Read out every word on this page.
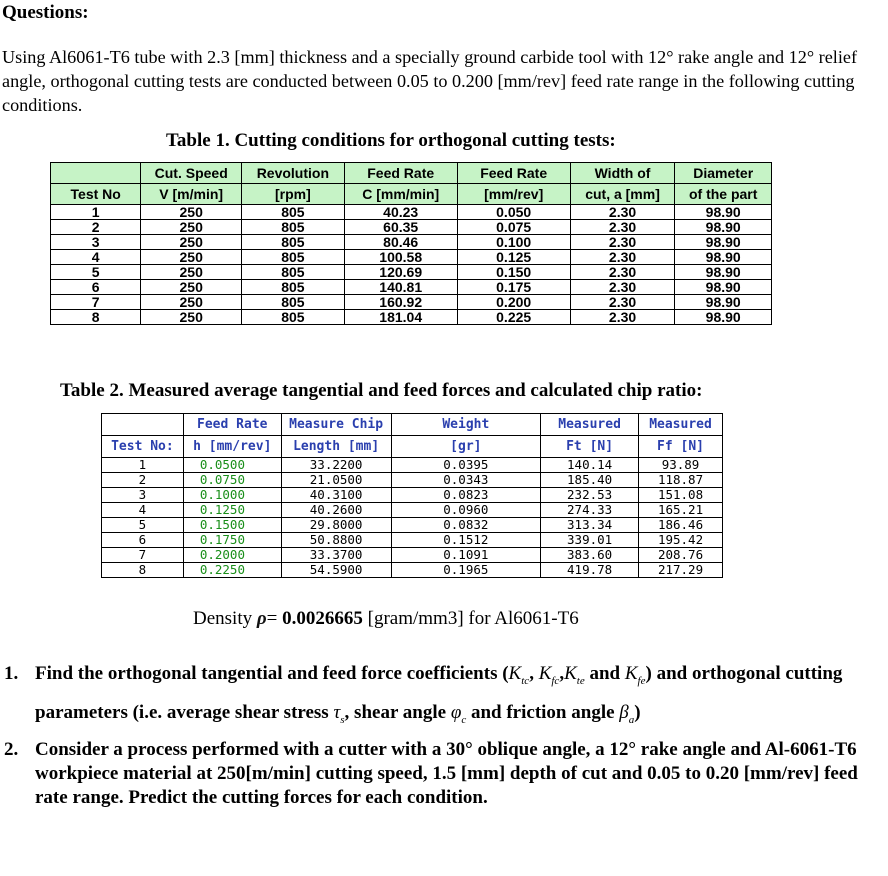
Questions:
Using Al6061-T6 tube with 2.3 [mm] thickness and a specially ground carbide tool with 12° rake angle and 12° relief angle, orthogonal cutting tests are conducted between 0.05 to 0.200 [mm/rev] feed rate range in the following cutting conditions.
Table 1. Cutting conditions for orthogonal cutting tests:
	Cut. Speed	Revolution	Feed Rate	Feed Rate	Width of	Diameter
Test No	V [m/min]	[rpm]	C [mm/min]	[mm/rev]	cut, a [mm]	of the part
1	250	805	40.23	0.050	2.30	98.90
2	250	805	60.35	0.075	2.30	98.90
3	250	805	80.46	0.100	2.30	98.90
4	250	805	100.58	0.125	2.30	98.90
5	250	805	120.69	0.150	2.30	98.90
6	250	805	140.81	0.175	2.30	98.90
7	250	805	160.92	0.200	2.30	98.90
8	250	805	181.04	0.225	2.30	98.90
Table 2. Measured average tangential and feed forces and calculated chip ratio:
	Feed Rate	Measure Chip	Weight	Measured	Measured
Test No:	h [mm/rev]	Length [mm]	[gr]	Ft [N]	Ff [N]
1	0.0500	33.2200	0.0395	140.14	93.89
2	0.0750	21.0500	0.0343	185.40	118.87
3	0.1000	40.3100	0.0823	232.53	151.08
4	0.1250	40.2600	0.0960	274.33	165.21
5	0.1500	29.8000	0.0832	313.34	186.46
6	0.1750	50.8800	0.1512	339.01	195.42
7	0.2000	33.3700	0.1091	383.60	208.76
8	0.2250	54.5900	0.1965	419.78	217.29
Density ρ= 0.0026665 [gram/mm3] for Al6061-T6
1. Find the orthogonal tangential and feed force coefficients ($K_{tc}$, $K_{fc},K_{te}$ and $K_{fe}$) and orthogonal cutting parameters (i.e. average shear stress $\tau_s$, shear angle $\varphi_c$ and friction angle $\beta_a$)
2. Consider a process performed with a cutter with a 30° oblique angle, a 12° rake angle and Al-6061-T6 workpiece material at 250[m/min] cutting speed, 1.5 [mm] depth of cut and 0.05 to 0.20 [mm/rev] feed rate range. Predict the cutting forces for each condition.
